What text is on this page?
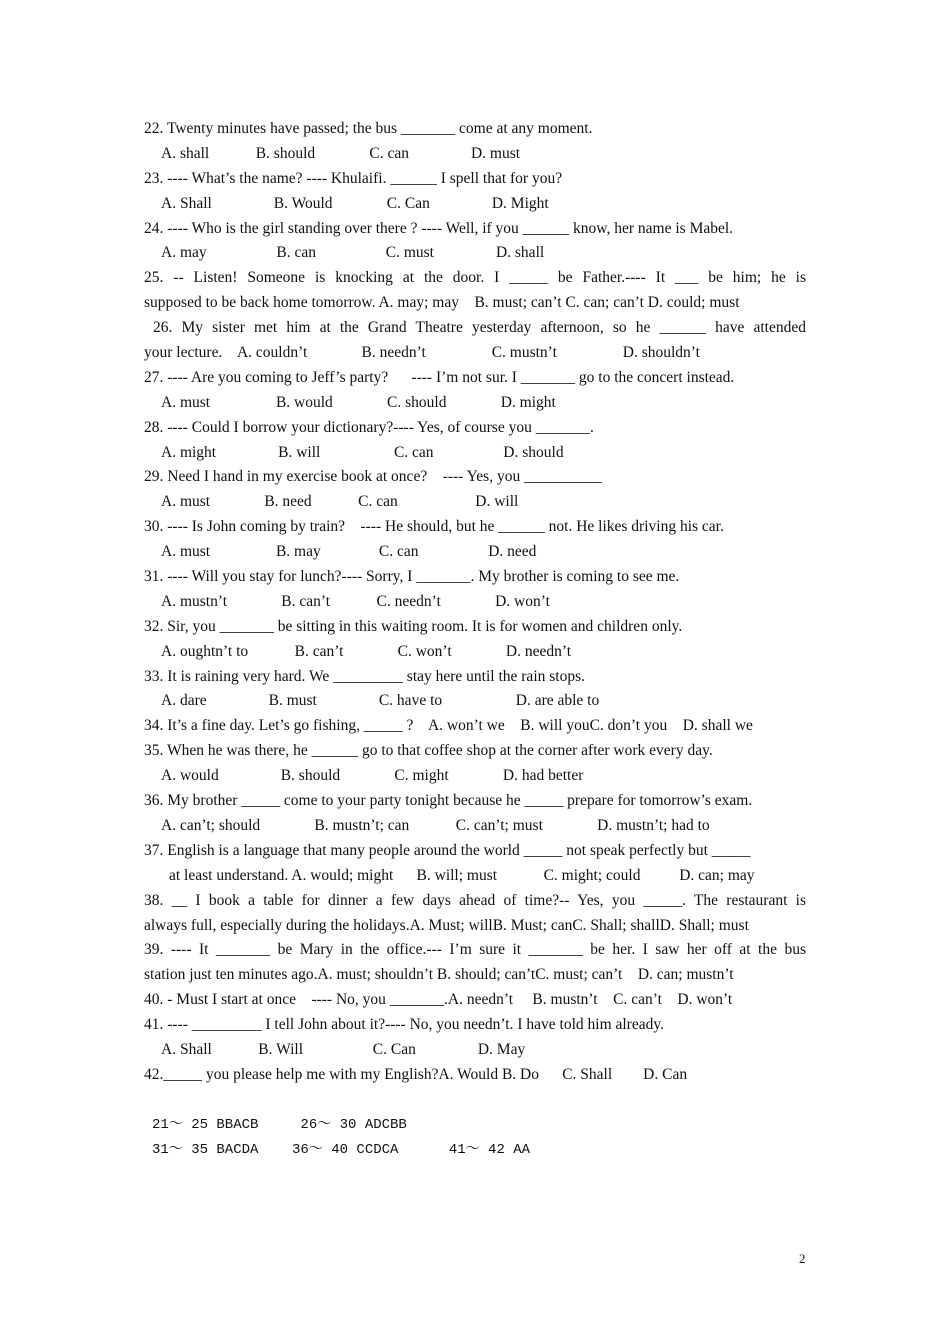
22. Twenty minutes have passed; the bus _______ come at any moment.
A. shall            B. should              C. can                D. must
23. ---- What’s the name? ---- Khulaifi. ______ I spell that for you?
A. Shall                B. Would              C. Can                D. Might
24. ---- Who is the girl standing over there ? ---- Well, if you ______ know, her name is Mabel.
A. may                  B. can                  C. must                D. shall
25. -- Listen! Someone is knocking at the door. I _____ be Father.---- It ___ be him; he is
supposed to be back home tomorrow. A. may; may    B. must; can’t C. can; can’t D. could; must
26. My sister met him at the Grand Theatre yesterday afternoon, so he ______ have attended
your lecture.    A. couldn’t              B. needn’t                 C. mustn’t                 D. shouldn’t
27. ---- Are you coming to Jeff’s party?      ---- I’m not sur. I _______ go to the concert instead.
A. must                 B. would              C. should              D. might
28. ---- Could I borrow your dictionary?---- Yes, of course you _______.
A. might                B. will                   C. can                  D. should
29. Need I hand in my exercise book at once?    ---- Yes, you __________
A. must              B. need            C. can                    D. will
30. ---- Is John coming by train?    ---- He should, but he ______ not. He likes driving his car.
A. must                 B. may               C. can                  D. need
31. ---- Will you stay for lunch?---- Sorry, I _______. My brother is coming to see me.
A. mustn’t              B. can’t            C. needn’t              D. won’t
32. Sir, you _______ be sitting in this waiting room. It is for women and children only.
A. oughtn’t to            B. can’t              C. won’t              D. needn’t
33. It is raining very hard. We _________ stay here until the rain stops.
A. dare                B. must                C. have to                   D. are able to
34. It’s a fine day. Let’s go fishing, _____ ?    A. won’t we    B. will youC. don’t you    D. shall we
35. When he was there, he ______ go to that coffee shop at the corner after work every day.
A. would                B. should              C. might              D. had better
36. My brother _____ come to your party tonight because he _____ prepare for tomorrow’s exam.
A. can’t; should              B. mustn’t; can            C. can’t; must              D. mustn’t; had to
37. English is a language that many people around the world _____ not speak perfectly but _____
at least understand. A. would; might      B. will; must            C. might; could          D. can; may
38. __ I book a table for dinner a few days ahead of time?-- Yes, you _____. The restaurant is
always full, especially during the holidays.A. Must; willB. Must; canC. Shall; shallD. Shall; must
39. ---- It _______ be Mary in the office.--- I’m sure it _______ be her. I saw her off at the bus
station just ten minutes ago.A. must; shouldn’t B. should; can’tC. must; can’t    D. can; mustn’t
40. - Must I start at once    ---- No, you _______.A. needn’t     B. mustn’t    C. can’t    D. won’t
41. ---- _________ I tell John about it?---- No, you needn’t. I have told him already.
A. Shall            B. Will                  C. Can                D. May
42._____ you please help me with my English?A. Would B. Do      C. Shall        D. Can
21～ 25 BBACB     26～ 30 ADCBB
31～ 35 BACDA    36～ 40 CCDCA      41～ 42 AA
2
